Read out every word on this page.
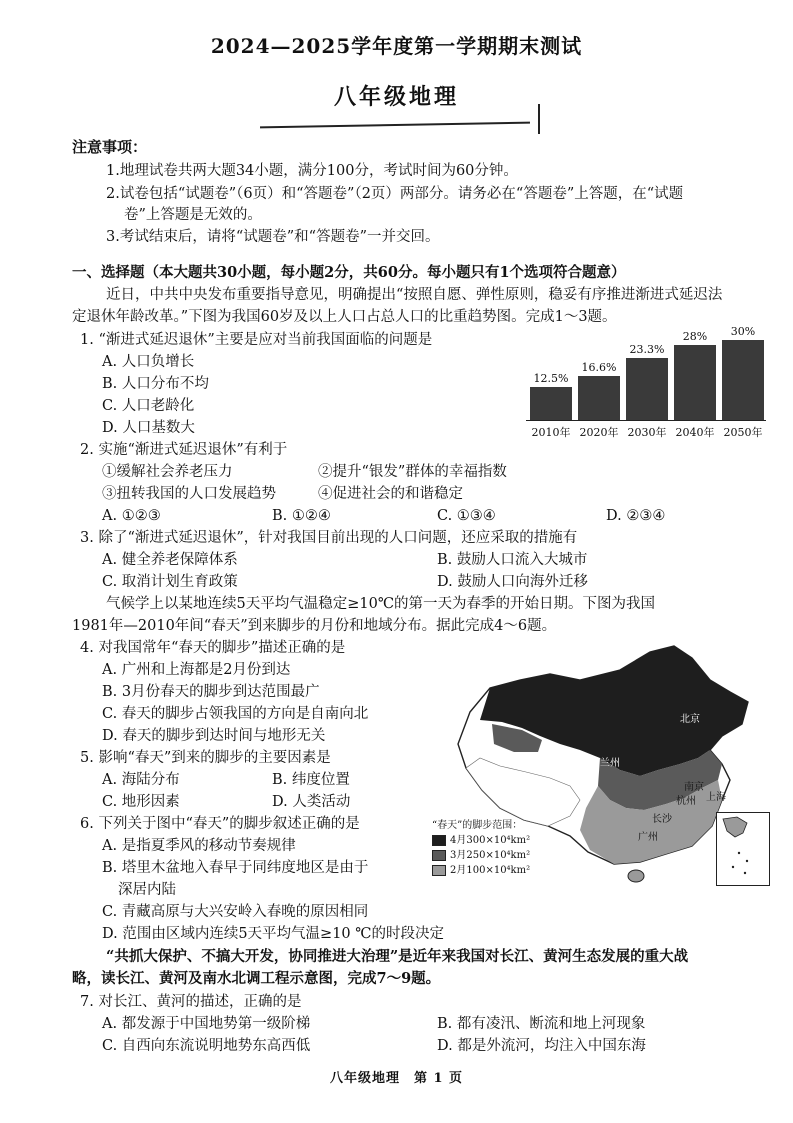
2024—2025学年度第一学期期末测试
八年级地理
注意事项：
1.地理试卷共两大题34小题，满分100分，考试时间为60分钟。
2.试卷包括“试题卷”（6页）和“答题卷”（2页）两部分。请务必在“答题卷”上答题，在“试题
卷”上答题是无效的。
3.考试结束后，请将“试题卷”和“答题卷”一并交回。
一、选择题（本大题共30小题，每小题2分，共60分。每小题只有1个选项符合题意）
近日，中共中央发布重要指导意见，明确提出“按照自愿、弹性原则，稳妥有序推进渐进式延迟法
定退休年龄改革。”下图为我国60岁及以上人口占总人口的比重趋势图。完成1～3题。
1. “渐进式延迟退休”主要是应对当前我国面临的问题是
A. 人口负增长
B. 人口分布不均
C. 人口老龄化
D. 人口基数大
12.5%
2010年
16.6%
2020年
23.3%
2030年
28%
2040年
30%
2050年
2. 实施“渐进式延迟退休”有利于
①缓解社会养老压力	②提升“银发”群体的幸福指数
③扭转我国的人口发展趋势	④促进社会的和谐稳定
A. ①②③	B. ①②④	C. ①③④	D. ②③④
3. 除了“渐进式延迟退休”，针对我国目前出现的人口问题，还应采取的措施有
A. 健全养老保障体系	B. 鼓励人口流入大城市
C. 取消计划生育政策	D. 鼓励人口向海外迁移
气候学上以某地连续5天平均气温稳定≥10℃的第一天为春季的开始日期。下图为我国
1981年—2010年间“春天”到来脚步的月份和地域分布。据此完成4～6题。
4. 对我国常年“春天的脚步”描述正确的是
A. 广州和上海都是2月份到达
B. 3月份春天的脚步到达范围最广
C. 春天的脚步占领我国的方向是自南向北
D. 春天的脚步到达时间与地形无关
5. 影响“春天”到来的脚步的主要因素是
A. 海陆分布	B. 纬度位置
C. 地形因素	D. 人类活动
北京
兰州
南京
杭州 上海
长沙
广州
“春天”的脚步范围：
4月300×10⁴km²
3月250×10⁴km²
2月100×10⁴km²
6. 下列关于图中“春天”的脚步叙述正确的是
A. 是指夏季风的移动节奏规律
B. 塔里木盆地入春早于同纬度地区是由于
深居内陆
C. 青藏高原与大兴安岭入春晚的原因相同
D. 范围由区域内连续5天平均气温≥10 ℃的时段决定
“共抓大保护、不搞大开发，协同推进大治理”是近年来我国对长江、黄河生态发展的重大战
略，读长江、黄河及南水北调工程示意图，完成7～9题。
7. 对长江、黄河的描述，正确的是
A. 都发源于中国地势第一级阶梯	B. 都有凌汛、断流和地上河现象
C. 自西向东流说明地势东高西低	D. 都是外流河，均注入中国东海
八年级地理　第 1 页
